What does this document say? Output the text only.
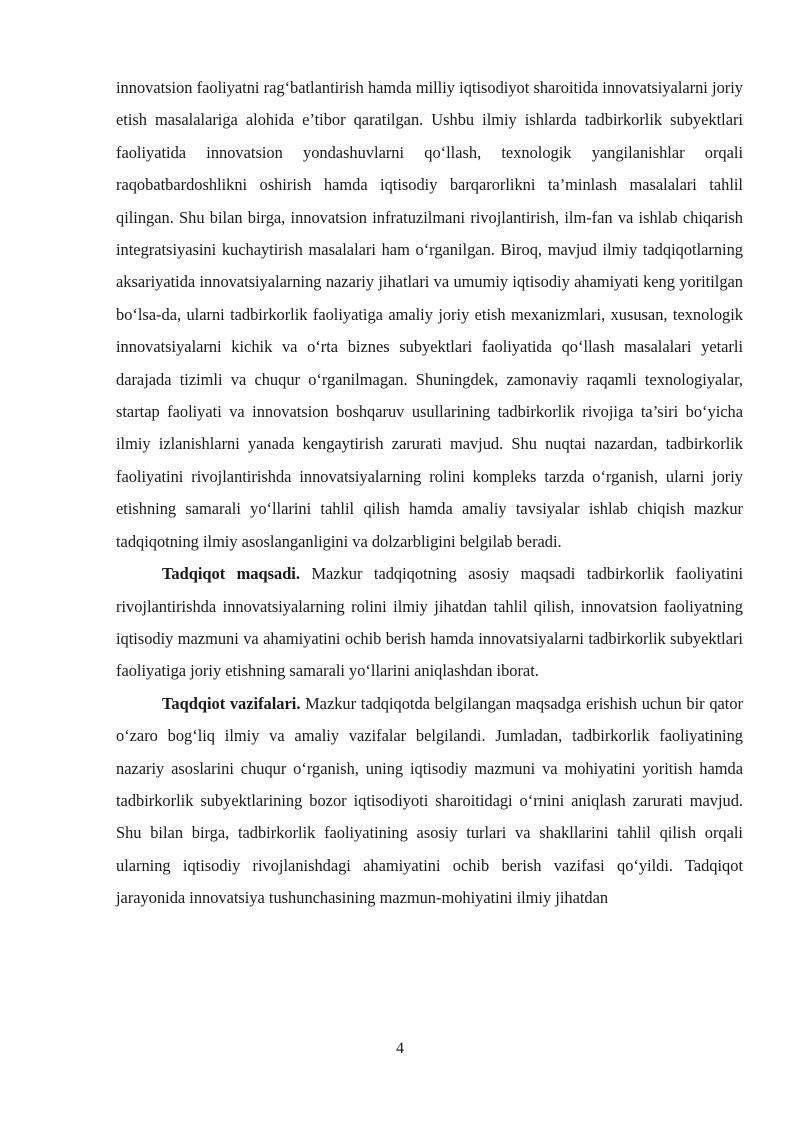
innovatsion faoliyatni rag‘batlantirish hamda milliy iqtisodiyot sharoitida innovatsiyalarni joriy etish masalalariga alohida e’tibor qaratilgan. Ushbu ilmiy ishlarda tadbirkorlik subyektlari faoliyatida innovatsion yondashuvlarni qo‘llash, texnologik yangilanishlar orqali raqobatbardoshlikni oshirish hamda iqtisodiy barqarorlikni ta’minlash masalalari tahlil qilingan. Shu bilan birga, innovatsion infratuzilmani rivojlantirish, ilm-fan va ishlab chiqarish integratsiyasini kuchaytirish masalalari ham o‘rganilgan. Biroq, mavjud ilmiy tadqiqotlarning aksariyatida innovatsiyalarning nazariy jihatlari va umumiy iqtisodiy ahamiyati keng yoritilgan bo‘lsa-da, ularni tadbirkorlik faoliyatiga amaliy joriy etish mexanizmlari, xususan, texnologik innovatsiyalarni kichik va o‘rta biznes subyektlari faoliyatida qo‘llash masalalari yetarli darajada tizimli va chuqur o‘rganilmagan. Shuningdek, zamonaviy raqamli texnologiyalar, startap faoliyati va innovatsion boshqaruv usullarining tadbirkorlik rivojiga ta’siri bo‘yicha ilmiy izlanishlarni yanada kengaytirish zarurati mavjud. Shu nuqtai nazardan, tadbirkorlik faoliyatini rivojlantirishda innovatsiyalarning rolini kompleks tarzda o‘rganish, ularni joriy etishning samarali yo‘llarini tahlil qilish hamda amaliy tavsiyalar ishlab chiqish mazkur tadqiqotning ilmiy asoslanganligini va dolzarbligini belgilab beradi.

Tadqiqot maqsadi. Mazkur tadqiqotning asosiy maqsadi tadbirkorlik faoliyatini rivojlantirishda innovatsiyalarning rolini ilmiy jihatdan tahlil qilish, innovatsion faoliyatning iqtisodiy mazmuni va ahamiyatini ochib berish hamda innovatsiyalarni tadbirkorlik subyektlari faoliyatiga joriy etishning samarali yo‘llarini aniqlashdan iborat.

Taqdqiot vazifalari. Mazkur tadqiqotda belgilangan maqsadga erishish uchun bir qator o‘zaro bog‘liq ilmiy va amaliy vazifalar belgilandi. Jumladan, tadbirkorlik faoliyatining nazariy asoslarini chuqur o‘rganish, uning iqtisodiy mazmuni va mohiyatini yoritish hamda tadbirkorlik subyektlarining bozor iqtisodiyoti sharoitidagi o‘rnini aniqlash zarurati mavjud. Shu bilan birga, tadbirkorlik faoliyatining asosiy turlari va shakllarini tahlil qilish orqali ularning iqtisodiy rivojlanishdagi ahamiyatini ochib berish vazifasi qo‘yildi. Tadqiqot jarayonida innovatsiya tushunchasining mazmun-mohiyatini ilmiy jihatdan

4
